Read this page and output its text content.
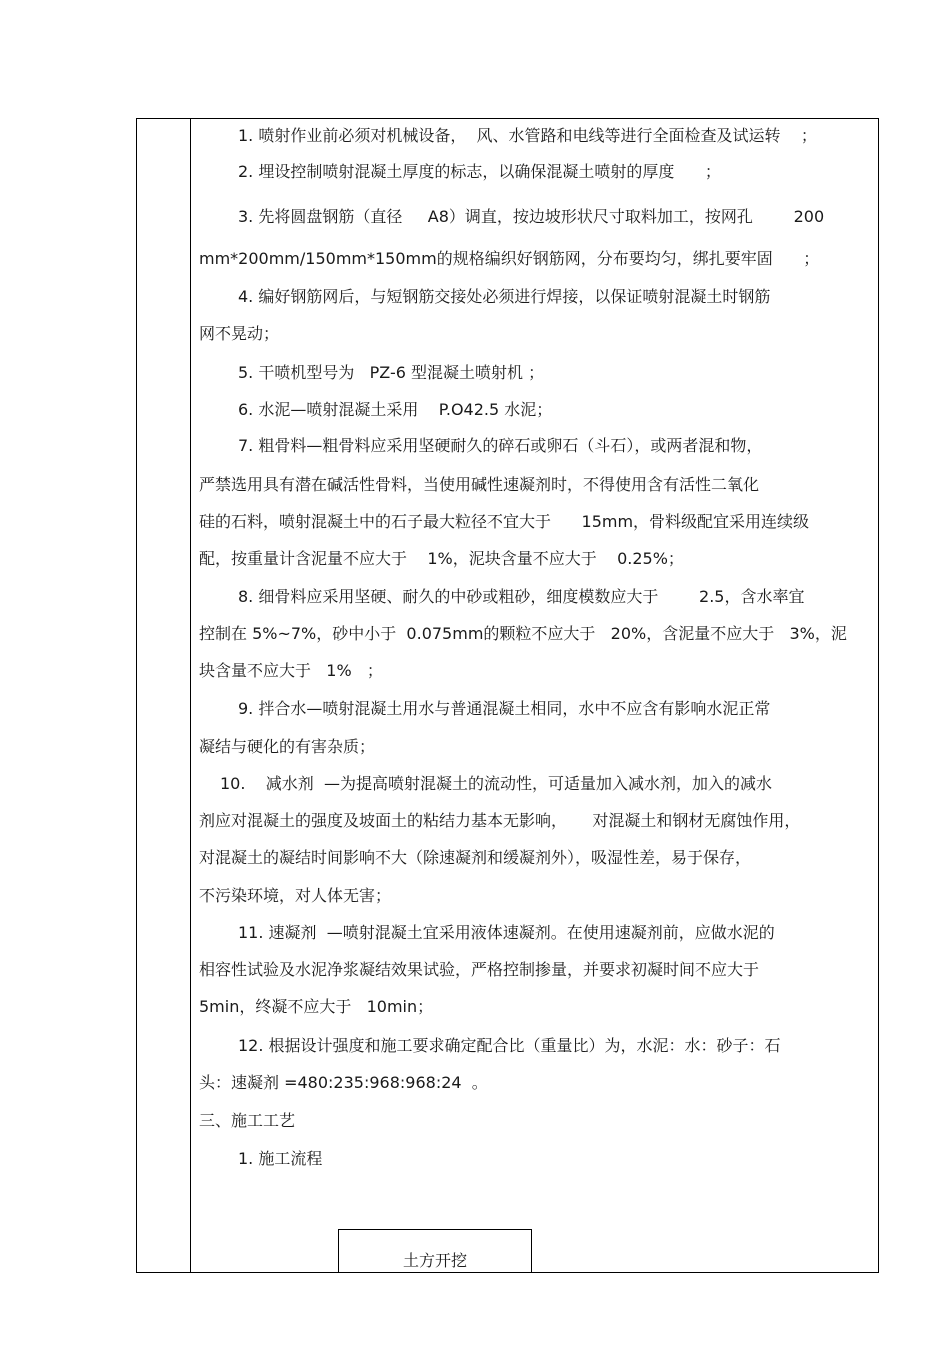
1. 喷射作业前必须对机械设备，  风、水管路和电线等进行全面检查及试运转    ；
2. 埋设控制喷射混凝土厚度的标志，以确保混凝土喷射的厚度      ；
3. 先将圆盘钢筋（直径     A8）调直，按边坡形状尺寸取料加工，按网孔        200
mm*200mm/150mm*150mm的规格编织好钢筋网，分布要均匀，绑扎要牢固      ；
4. 编好钢筋网后，与短钢筋交接处必须进行焊接，以保证喷射混凝土时钢筋
网不晃动；
5. 干喷机型号为   PZ-6 型混凝土喷射机 ；
6. 水泥—喷射混凝土采用    P.O42.5 水泥；
7. 粗骨料—粗骨料应采用坚硬耐久的碎石或卵石（斗石），或两者混和物，
严禁选用具有潜在碱活性骨料，当使用碱性速凝剂时，不得使用含有活性二氧化
硅的石料，喷射混凝土中的石子最大粒径不宜大于      15mm，骨料级配宜采用连续级
配，按重量计含泥量不应大于    1%，泥块含量不应大于    0.25%；
8. 细骨料应采用坚硬、耐久的中砂或粗砂，细度模数应大于        2.5，含水率宜
控制在 5%~7%，砂中小于  0.075mm的颗粒不应大于   20%，含泥量不应大于   3%，泥
块含量不应大于   1%   ；
9. 拌合水—喷射混凝土用水与普通混凝土相同，水中不应含有影响水泥正常
凝结与硬化的有害杂质；
10.    减水剂  —为提高喷射混凝土的流动性，可适量加入减水剂，加入的减水
剂应对混凝土的强度及坡面土的粘结力基本无影响，     对混凝土和钢材无腐蚀作用，
对混凝土的凝结时间影响不大（除速凝剂和缓凝剂外），吸湿性差，易于保存，
不污染环境，对人体无害；
11. 速凝剂  —喷射混凝土宜采用液体速凝剂。在使用速凝剂前，应做水泥的
相容性试验及水泥净浆凝结效果试验，严格控制掺量，并要求初凝时间不应大于
5min，终凝不应大于   10min；
12. 根据设计强度和施工要求确定配合比（重量比）为，水泥：水：砂子：石
头：速凝剂 =480:235:968:968:24  。
三、施工工艺
1. 施工流程
土方开挖
